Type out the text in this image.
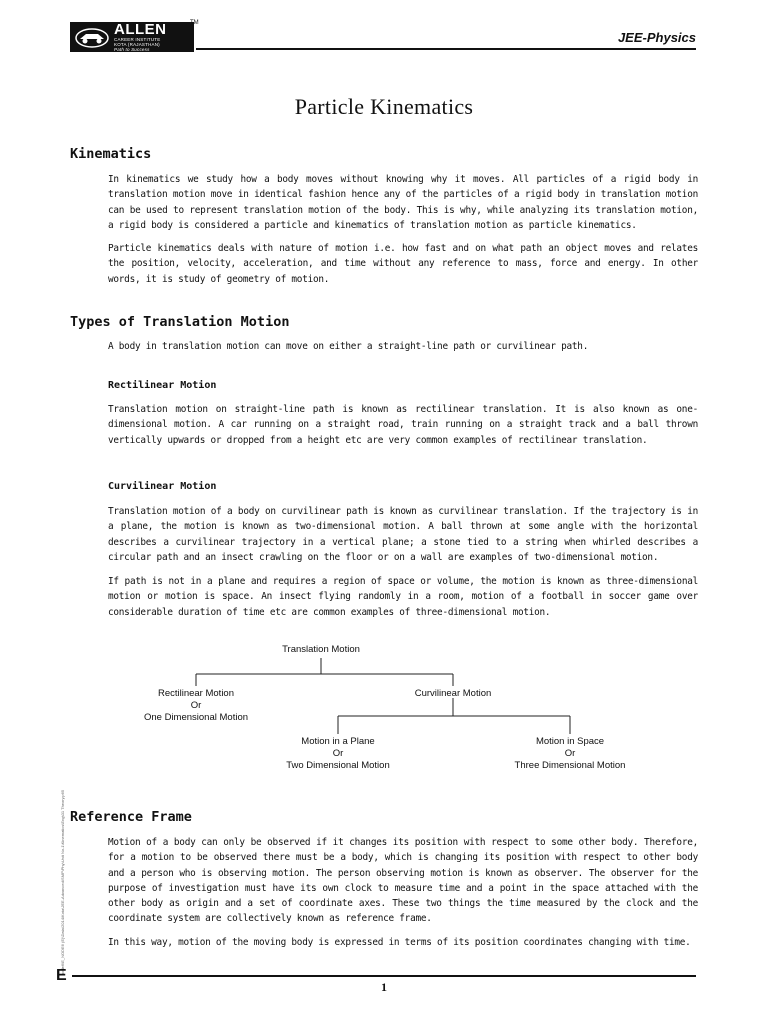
ALLEN
CAREER INSTITUTE
KOTA (RAJASTHAN)
Path to Success
TM
JEE-Physics
Particle Kinematics
Kinematics

In kinematics we study how a body moves without knowing why it moves. All particles of a rigid body in translation motion move in identical fashion hence any of the particles of a rigid body in translation motion can be used to represent translation motion of the body. This is why, while analyzing its translation motion, a rigid body is considered a particle and kinematics of translation motion as particle kinematics.

Particle kinematics deals with nature of motion i.e. how fast and on what path an object moves and relates the position, velocity, acceleration, and time without any reference to mass, force and energy. In other words, it is study of geometry of motion.

Types of Translation Motion

A body in translation motion can move on either a straight-line path or curvilinear path.

Rectilinear Motion

Translation motion on straight-line path is known as rectilinear translation. It is also known as one-dimensional motion. A car running on a straight road, train running on a straight track and a ball thrown vertically upwards or dropped from a height etc are very common examples of rectilinear translation.

Curvilinear Motion

Translation motion of a body on curvilinear path is known as curvilinear translation. If the trajectory is in a plane, the motion is known as two-dimensional motion. A ball thrown at some angle with the horizontal describes a curvilinear trajectory in a vertical plane; a stone tied to a string when whirled describes a circular path and an insect crawling on the floor or on a wall are examples of two-dimensional motion.

If path is not in a plane and requires a region of space or volume, the motion is known as three-dimensional motion or motion is space. An insect flying randomly in a room, motion of a football in soccer game over considerable duration of time etc are common examples of three-dimensional motion.

Translation Motion
Rectilinear Motion
Or
One Dimensional Motion
Curvilinear Motion
Motion in a Plane
Or
Two Dimensional Motion
Motion in Space
Or
Three Dimensional Motion
Reference Frame

Motion of a body can only be observed if it changes its position with respect to some other body. Therefore, for a motion to be observed there must be a body, which is changing its position with respect to other body and a person who is observing motion. The person observing motion is known as observer. The observer for the purpose of investigation must have its own clock to measure time and a point in the space attached with the other body as origin and a set of coordinate axes. These two things the time measured by the clock and the coordinate system are collectively known as reference frame.

In this way, motion of the moving body is expressed in terms of its position coordinates changing with time.

node6\E_NODE6 (E)\Data\2014\Kota\JEE-Advanced\SMP\Phy\Unit No-1\Kinematics\Eng\01 Theory.p65
E
1
